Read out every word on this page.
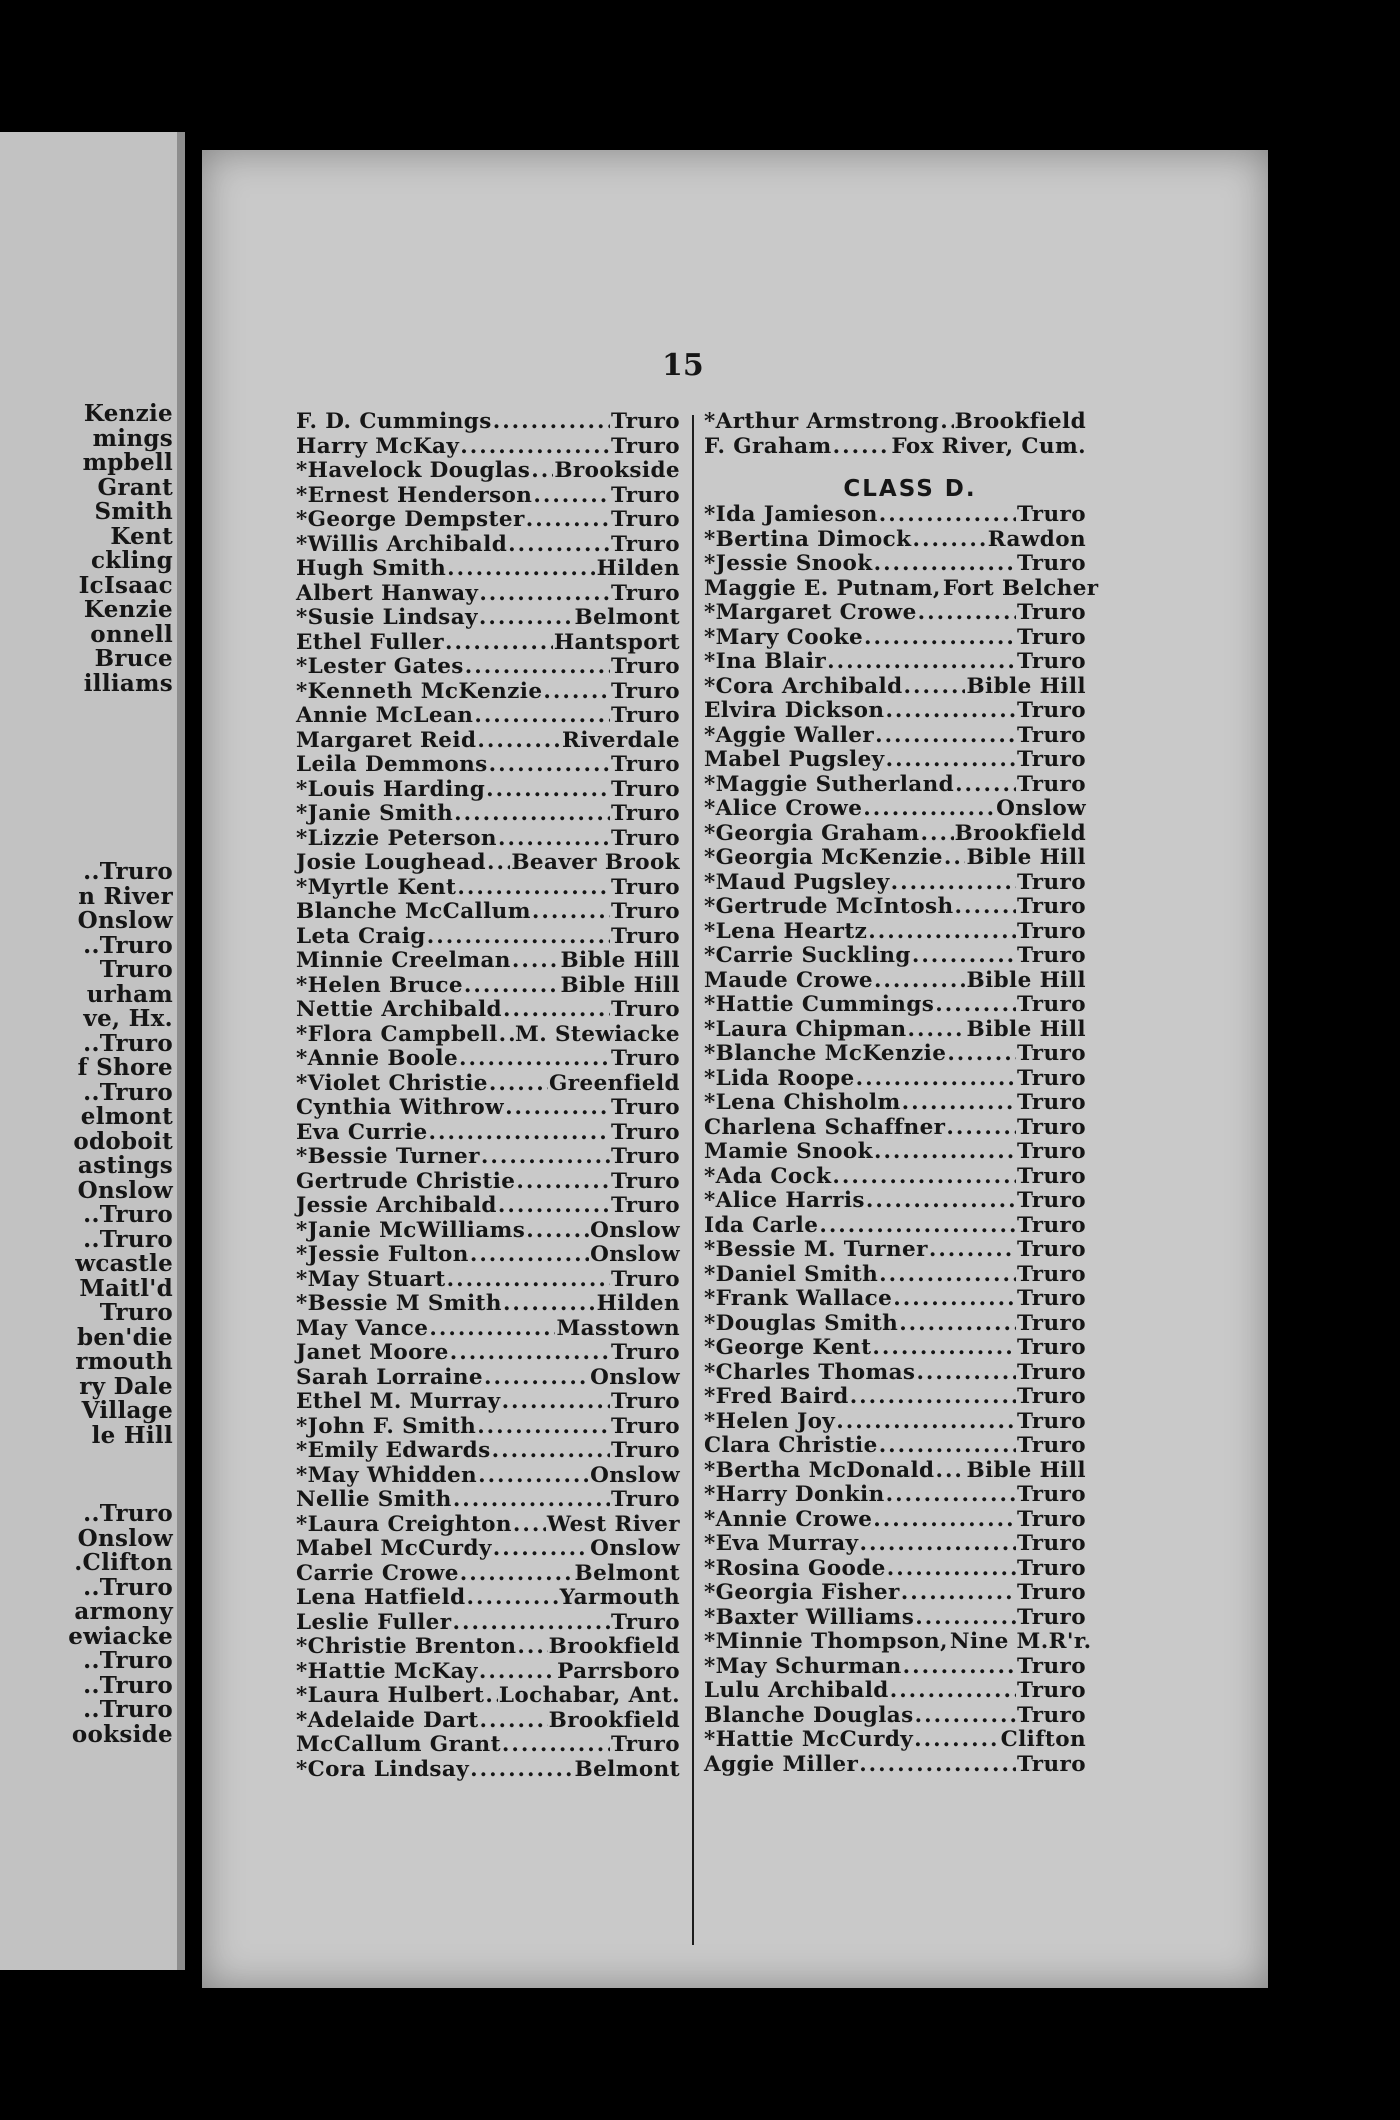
Kenzie
mings
mpbell
Grant
Smith
Kent
ckling
IcIsaac
Kenzie
onnell
Bruce
illiams
..Truro
n River
Onslow
..Truro
Truro
urham
ve, Hx.
..Truro
f Shore
..Truro
elmont
odoboit
astings
Onslow
..Truro
..Truro
wcastle
Maitl'd
Truro
ben'die
rmouth
ry Dale
Village
le Hill
..Truro
Onslow
.Clifton
..Truro
armony
ewiacke
..Truro
..Truro
..Truro
ookside
15
F. D. Cummings .....	Truro
Harry McKay .....	Truro
*Havelock Douglas ..... Brookside
*Ernest Henderson .....	Truro
*George Dempster .....	Truro
*Willis Archibald .....	Truro
Hugh Smith .....	Hilden
Albert Hanway .....	Truro
*Susie Lindsay .....	Belmont
Ethel Fuller .....	Hantsport
*Lester Gates .....	Truro
*Kenneth McKenzie .....	Truro
Annie McLean .....	Truro
Margaret Reid .....	Riverdale
Leila Demmons .....	Truro
*Louis Harding .....	Truro
*Janie Smith .....	Truro
*Lizzie Peterson .....	Truro
Josie Loughead ..... Beaver Brook
*Myrtle Kent .....	Truro
Blanche McCallum .....	Truro
Leta Craig .....	Truro
Minnie Creelman ..... Bible Hill
*Helen Bruce .....	Bible Hill
Nettie Archibald .....	Truro
*Flora Campbell ..... M. Stewiacke
*Annie Boole .....	Truro
*Violet Christie .....	Greenfield
Cynthia Withrow .....	Truro
Eva Currie .....	Truro
*Bessie Turner .....	Truro
Gertrude Christie .....	Truro
Jessie Archibald .....	Truro
*Janie McWilliams .....	Onslow
*Jessie Fulton .....	Onslow
*May Stuart .....	Truro
*Bessie M Smith .....	Hilden
May Vance .....	Masstown
Janet Moore .....	Truro
Sarah Lorraine .....	Onslow
Ethel M. Murray .....	Truro
*John F. Smith .....	Truro
*Emily Edwards .....	Truro
*May Whidden .....	Onslow
Nellie Smith .....	Truro
*Laura Creighton ..... West River
Mabel McCurdy .....	Onslow
Carrie Crowe .....	Belmont
Lena Hatfield .....	Yarmouth
Leslie Fuller .....	Truro
*Christie Brenton ..... Brookfield
*Hattie McKay .....	Parrsboro
*Laura Hulbert ..... Lochabar, Ant.
*Adelaide Dart .....	Brookfield
McCallum Grant .....	Truro
*Cora Lindsay .....	Belmont
*Arthur Armstrong ..... Brookfield
F. Graham .....	Fox River, Cum.
CLASS D.
*Ida Jamieson .....	Truro
*Bertina Dimock .....	Rawdon
*Jessie Snook .....	Truro
Maggie E. Putnam, Fort Belcher
*Margaret Crowe .....	Truro
*Mary Cooke .....	Truro
*Ina Blair .....	Truro
*Cora Archibald .....	Bible Hill
Elvira Dickson .....	Truro
*Aggie Waller .....	Truro
Mabel Pugsley .....	Truro
*Maggie Sutherland .....	Truro
*Alice Crowe .....	Onslow
*Georgia Graham ..... Brookfield
*Georgia McKenzie ..... Bible Hill
*Maud Pugsley .....	Truro
*Gertrude McIntosh .....	Truro
*Lena Heartz .....	Truro
*Carrie Suckling .....	Truro
Maude Crowe .....	Bible Hill
*Hattie Cummings .....	Truro
*Laura Chipman .....	Bible Hill
*Blanche McKenzie .....	Truro
*Lida Roope .....	Truro
*Lena Chisholm .....	Truro
Charlena Schaffner .....	Truro
Mamie Snook .....	Truro
*Ada Cock .....	Truro
*Alice Harris .....	Truro
Ida Carle .....	Truro
*Bessie M. Turner .....	Truro
*Daniel Smith .....	Truro
*Frank Wallace .....	Truro
*Douglas Smith .....	Truro
*George Kent .....	Truro
*Charles Thomas .....	Truro
*Fred Baird .....	Truro
*Helen Joy .....	Truro
Clara Christie .....	Truro
*Bertha McDonald ..... Bible Hill
*Harry Donkin .....	Truro
*Annie Crowe .....	Truro
*Eva Murray .....	Truro
*Rosina Goode .....	Truro
*Georgia Fisher .....	Truro
*Baxter Williams .....	Truro
*Minnie Thompson, Nine M.R'r.
*May Schurman .....	Truro
Lulu Archibald .....	Truro
Blanche Douglas .....	Truro
*Hattie McCurdy .....	Clifton
Aggie Miller .....	Truro
